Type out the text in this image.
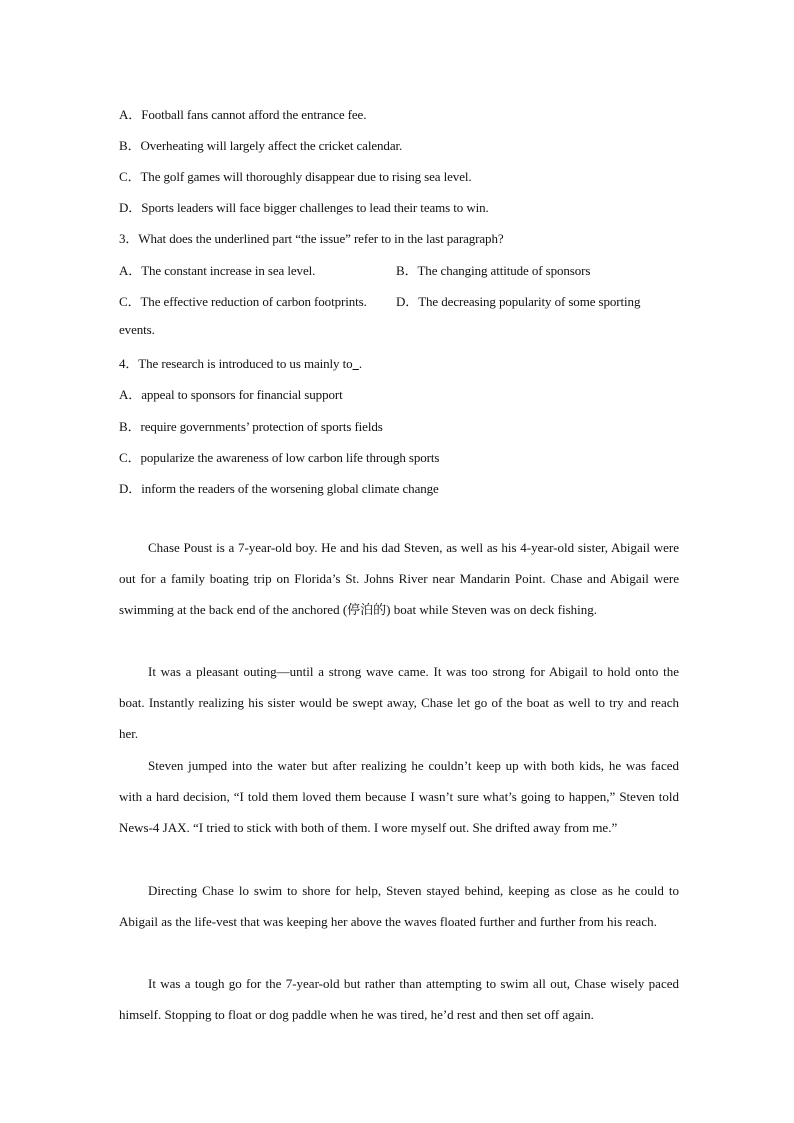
A．Football fans cannot afford the entrance fee.
B．Overheating will largely affect the cricket calendar.
C．The golf games will thoroughly disappear due to rising sea level.
D．Sports leaders will face bigger challenges to lead their teams to win.
3．What does the underlined part “the issue” refer to in the last paragraph?
A．The constant increase in sea level.	B．The changing attitude of sponsors
C．The effective reduction of carbon footprints. D．The decreasing popularity of some sporting
events.
4．The research is introduced to us mainly to .
A．appeal to sponsors for financial support
B．require governments’ protection of sports fields
C．popularize the awareness of low carbon life through sports
D．inform the readers of the worsening global climate change
Chase Poust is a 7-year-old boy. He and his dad Steven, as well as his 4-year-old sister, Abigail were out for a family boating trip on Florida’s St. Johns River near Mandarin Point. Chase and Abigail were swimming at the back end of the anchored (停泊的) boat while Steven was on deck fishing.
It was a pleasant outing—until a strong wave came. It was too strong for Abigail to hold onto the boat. Instantly realizing his sister would be swept away, Chase let go of the boat as well to try and reach her.
Steven jumped into the water but after realizing he couldn’t keep up with both kids, he was faced with a hard decision, “I told them loved them because I wasn’t sure what’s going to happen,” Steven told News-4 JAX. “I tried to stick with both of them. I wore myself out. She drifted away from me.”
Directing Chase lo swim to shore for help, Steven stayed behind, keeping as close as he could to Abigail as the life-vest that was keeping her above the waves floated further and further from his reach.
It was a tough go for the 7-year-old but rather than attempting to swim all out, Chase wisely paced himself. Stopping to float or dog paddle when he was tired, he’d rest and then set off again.
